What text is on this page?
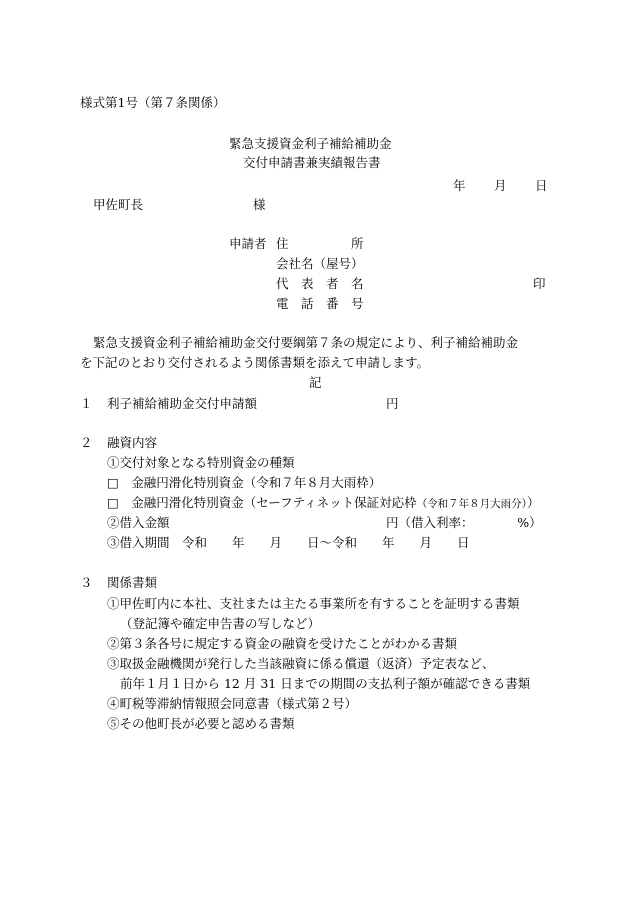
様式第1号（第７条関係）
緊急支援資金利子補給補助金
交付申請書兼実績報告書
年 月 日
甲佐町長	様
申請者 住　　　　　所
会社名（屋号）
代　表　者　名	印
電　話　番　号
緊急支援資金利子補給補助金交付要綱第７条の規定により、利子補給補助金
を下記のとおり交付されるよう関係書類を添えて申請します。
記
１ 利子補給補助金交付申請額	円
２ 融資内容
①交付対象となる特別資金の種類
□　金融円滑化特別資金（令和７年８月大雨枠）
□　金融円滑化特別資金（セーフティネット保証対応枠（令和７年８月大雨分））
②借入金額	円（借入利率：　　　　%）
③借入期間　令和　　年　　月　　日～令和　　年　　月　　日
３ 関係書類
①甲佐町内に本社、支社または主たる事業所を有することを証明する書類
（登記簿や確定申告書の写しなど）
②第３条各号に規定する資金の融資を受けたことがわかる書類
③取扱金融機関が発行した当該融資に係る償還（返済）予定表など、
前年１月１日から 12 月 31 日までの期間の支払利子額が確認できる書類
④町税等滞納情報照会同意書（様式第２号）
⑤その他町長が必要と認める書類
